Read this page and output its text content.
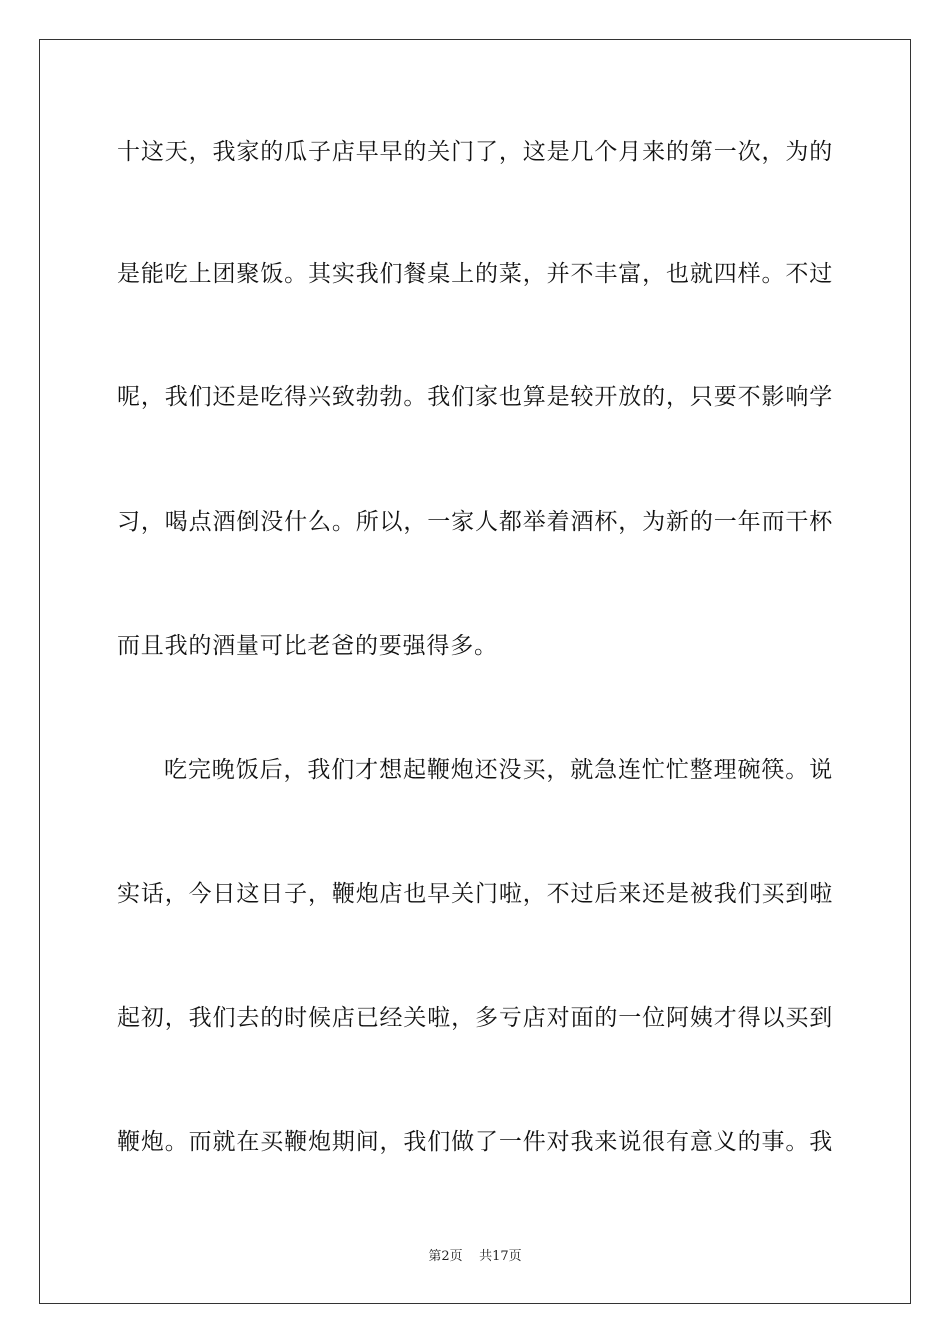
十这天，我家的瓜子店早早的关门了，这是几个月来的第一次，为的
是能吃上团聚饭。其实我们餐桌上的菜，并不丰富，也就四样。不过
呢，我们还是吃得兴致勃勃。我们家也算是较开放的，只要不影响学
习，喝点酒倒没什么。所以，一家人都举着酒杯，为新的一年而干杯
而且我的酒量可比老爸的要强得多。
吃完晚饭后，我们才想起鞭炮还没买，就急连忙忙整理碗筷。说
实话，今日这日子，鞭炮店也早关门啦，不过后来还是被我们买到啦
起初，我们去的时候店已经关啦，多亏店对面的一位阿姨才得以买到
鞭炮。而就在买鞭炮期间，我们做了一件对我来说很有意义的事。我
第2页 共17页
